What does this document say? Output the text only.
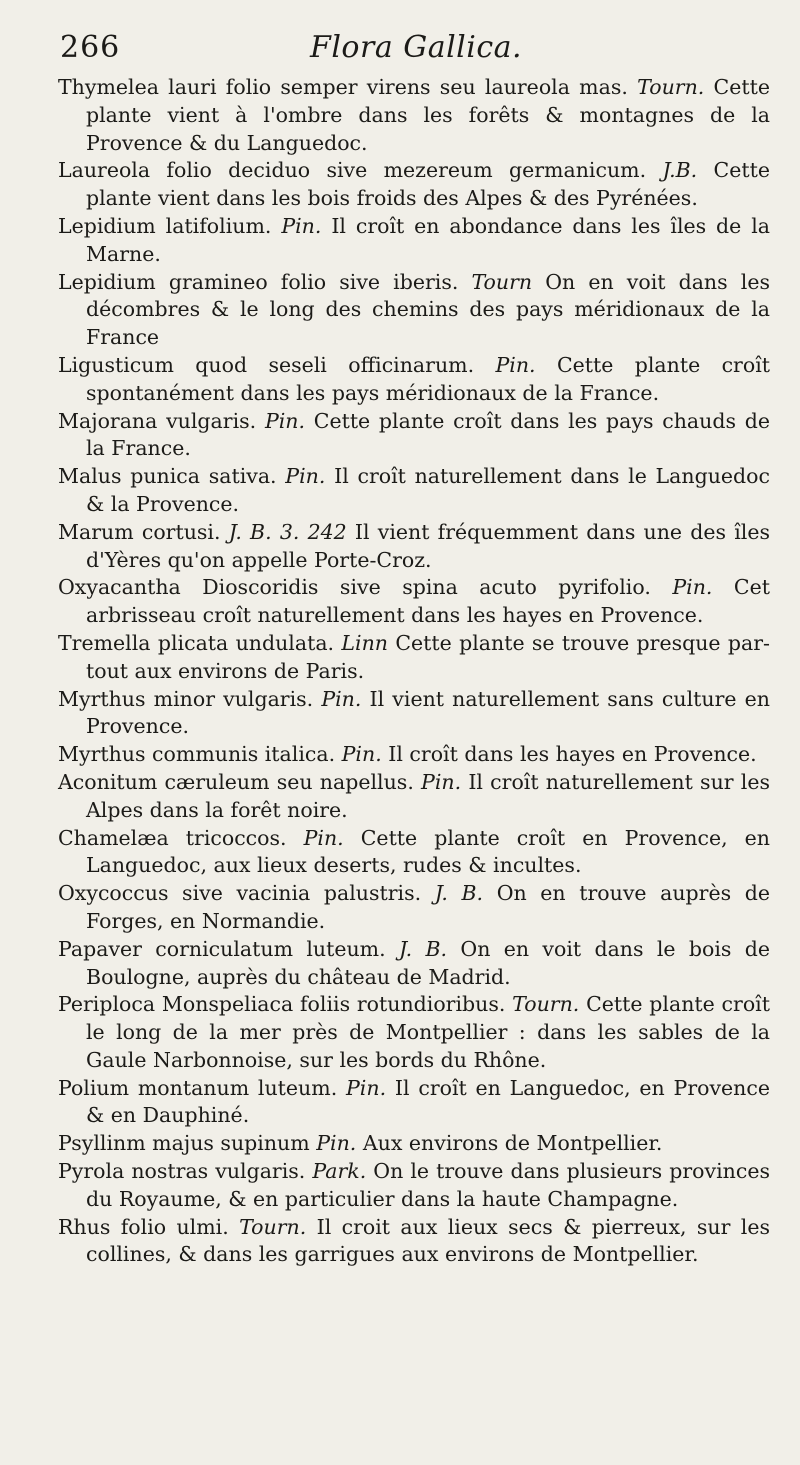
266	Flora Gallica.

Thymelea lauri folio semper virens seu laureola mas. Tourn. Cette plante vient à l'ombre dans les forêts & montagnes de la Provence & du Languedoc.

Laureola folio deciduo sive mezereum germanicum. J.B. Cette plante vient dans les bois froids des Alpes & des Pyrénées.

Lepidium latifolium. Pin. Il croît en abondance dans les îles de la Marne.

Lepidium gramineo folio sive iberis. Tourn On en voit dans les décombres & le long des chemins des pays méridionaux de la France

Ligusticum quod seseli officinarum. Pin. Cette plante croît spontanément dans les pays méridionaux de la France.

Majorana vulgaris. Pin. Cette plante croît dans les pays chauds de la France.

Malus punica sativa. Pin. Il croît naturellement dans le Languedoc & la Provence.

Marum cortusi. J. B. 3. 242 Il vient fréquemment dans une des îles d'Yères qu'on appelle Porte-Croz.

Oxyacantha Dioscoridis sive spina acuto pyrifolio. Pin. Cet arbrisseau croît naturellement dans les hayes en Provence.

Tremella plicata undulata. Linn Cette plante se trouve presque par-tout aux environs de Paris.

Myrthus minor vulgaris. Pin. Il vient naturellement sans culture en Provence.

Myrthus communis italica. Pin. Il croît dans les hayes en Provence.

Aconitum cæruleum seu napellus. Pin. Il croît naturellement sur les Alpes dans la forêt noire.

Chamelæa tricoccos. Pin. Cette plante croît en Provence, en Languedoc, aux lieux deserts, rudes & incultes.

Oxycoccus sive vacinia palustris. J. B. On en trouve auprès de Forges, en Normandie.

Papaver corniculatum luteum. J. B. On en voit dans le bois de Boulogne, auprès du château de Madrid.

Periploca Monspeliaca foliis rotundioribus. Tourn. Cette plante croît le long de la mer près de Montpellier : dans les sables de la Gaule Narbonnoise, sur les bords du Rhône.

Polium montanum luteum. Pin. Il croît en Languedoc, en Provence & en Dauphiné.

Psyllinm majus supinum Pin. Aux environs de Montpellier.

Pyrola nostras vulgaris. Park. On le trouve dans plusieurs provinces du Royaume, & en particulier dans la haute Champagne.

Rhus folio ulmi. Tourn. Il croit aux lieux secs & pierreux, sur les collines, & dans les garrigues aux environs de Montpellier.
